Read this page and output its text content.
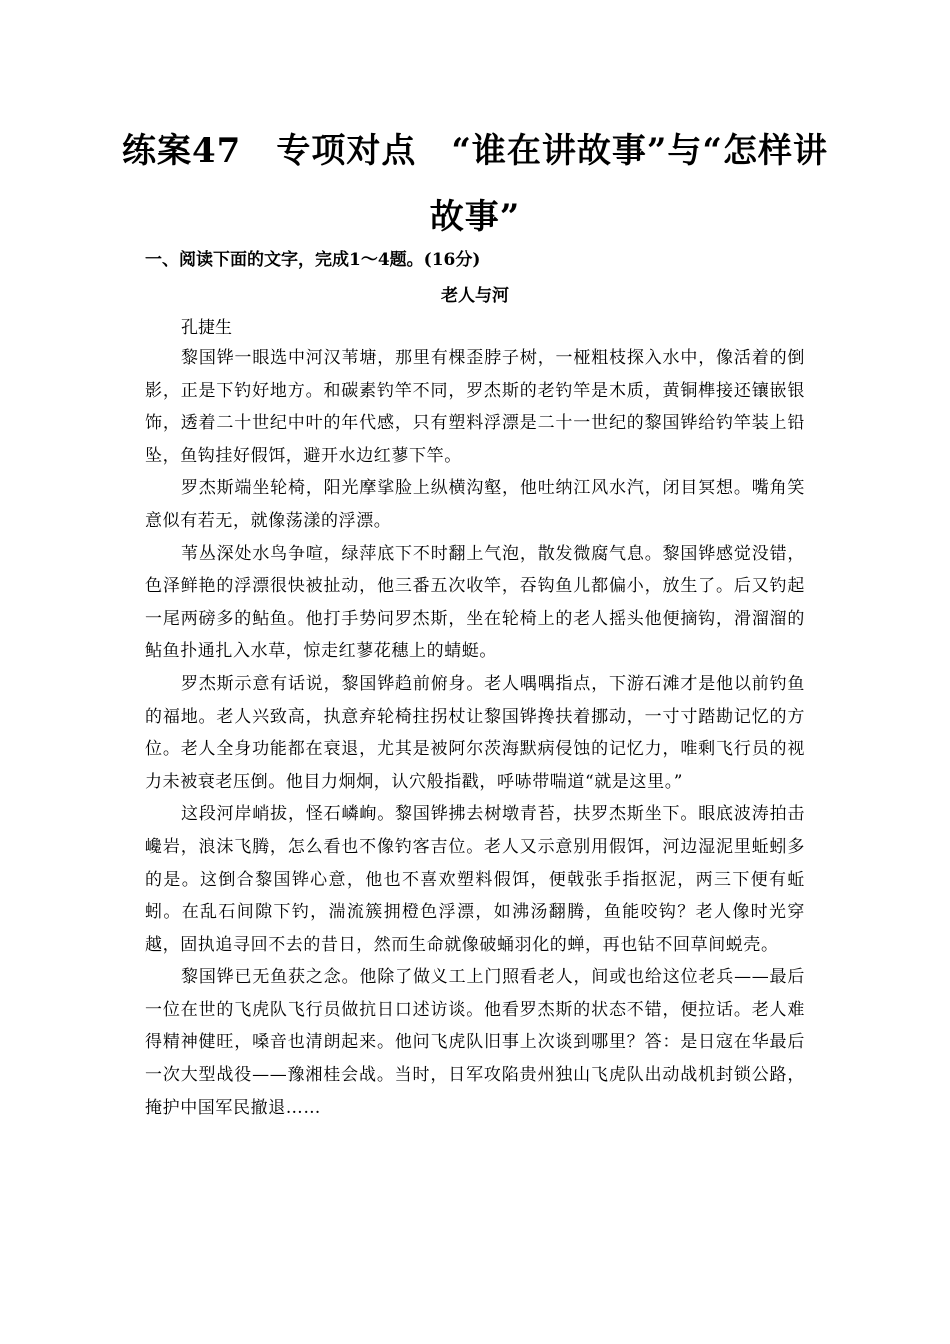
练案47　专项对点　“谁在讲故事”与“怎样讲故事”
一、阅读下面的文字，完成1～4题。(16分)
老人与河
孔捷生

黎国铧一眼选中河汉苇塘，那里有棵歪脖子树，一桠粗枝探入水中，像活着的倒影，正是下钓好地方。和碳素钓竿不同，罗杰斯的老钓竿是木质，黄铜榫接还镶嵌银饰，透着二十世纪中叶的年代感，只有塑料浮漂是二十一世纪的黎国铧给钓竿装上铅坠，鱼钩挂好假饵，避开水边红蓼下竿。

罗杰斯端坐轮椅，阳光摩挲脸上纵横沟壑，他吐纳江风水汽，闭目冥想。嘴角笑意似有若无，就像荡漾的浮漂。

苇丛深处水鸟争喧，绿萍底下不时翻上气泡，散发微腐气息。黎国铧感觉没错，色泽鲜艳的浮漂很快被扯动，他三番五次收竿，吞钩鱼儿都偏小，放生了。后又钓起一尾两磅多的鲇鱼。他打手势问罗杰斯，坐在轮椅上的老人摇头他便摘钩，滑溜溜的鲇鱼扑通扎入水草，惊走红蓼花穗上的蜻蜓。

罗杰斯示意有话说，黎国铧趋前俯身。老人喁喁指点，下游石滩才是他以前钓鱼的福地。老人兴致高，执意弃轮椅拄拐杖让黎国铧搀扶着挪动，一寸寸踏勘记忆的方位。老人全身功能都在衰退，尤其是被阿尔茨海默病侵蚀的记忆力，唯剩飞行员的视力未被衰老压倒。他目力炯炯，认穴般指戳，呼哧带喘道“就是这里。”

这段河岸峭拔，怪石嶙峋。黎国铧拂去树墩青苔，扶罗杰斯坐下。眼底波涛拍击巉岩，浪沫飞腾，怎么看也不像钓客吉位。老人又示意别用假饵，河边湿泥里蚯蚓多的是。这倒合黎国铧心意，他也不喜欢塑料假饵，便戟张手指抠泥，两三下便有蚯蚓。在乱石间隙下钓，湍流簇拥橙色浮漂，如沸汤翻腾，鱼能咬钩？老人像时光穿越，固执追寻回不去的昔日，然而生命就像破蛹羽化的蝉，再也钻不回草间蜕壳。

黎国铧已无鱼获之念。他除了做义工上门照看老人，间或也给这位老兵——最后一位在世的飞虎队飞行员做抗日口述访谈。他看罗杰斯的状态不错，便拉话。老人难得精神健旺，嗓音也清朗起来。他问飞虎队旧事上次谈到哪里？答：是日寇在华最后一次大型战役——豫湘桂会战。当时，日军攻陷贵州独山飞虎队出动战机封锁公路，掩护中国军民撤退……
